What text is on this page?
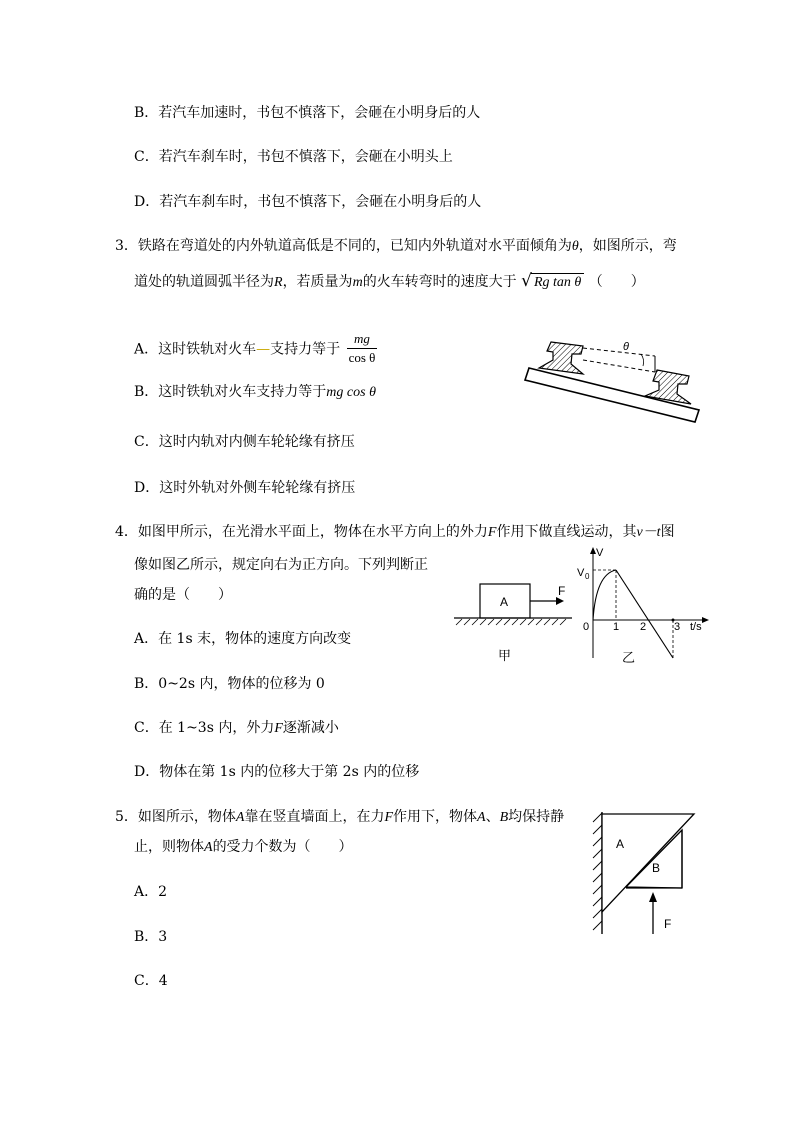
B．若汽车加速时，书包不慎落下，会砸在小明身后的人
C．若汽车刹车时，书包不慎落下，会砸在小明头上
D．若汽车刹车时，书包不慎落下，会砸在小明身后的人
3．铁路在弯道处的内外轨道高低是不同的，已知内外轨道对水平面倾角为θ，如图所示，弯
道处的轨道圆弧半径为R，若质量为m的火车转弯时的速度大于 √ Rg tan θ （　　）
A．这时铁轨对火车—支持力等于 $\frac{mg}{\text{cos θ}}$
B．这时铁轨对火车支持力等于mg cos θ
C．这时内轨对内侧车轮轮缘有挤压
D．这时外轨对外侧车轮轮缘有挤压
θ
4．如图甲所示，在光滑水平面上，物体在水平方向上的外力F作用下做直线运动，其v－t图
像如图乙所示，规定向右为正方向。下列判断正
确的是（　　）
A．在 1s 末，物体的速度方向改变
B．0~2s 内，物体的位移为 0
C．在 1~3s 内，外力F逐渐减小
D．物体在第 1s 内的位移大于第 2s 内的位移
A
F
甲
V
V 0
t/s
0 1 2	3
乙
5．如图所示，物体A靠在竖直墙面上，在力F作用下，物体A、B均保持静
止，则物体A的受力个数为（　　）
A．2
B．3
C．4
A
B
F
